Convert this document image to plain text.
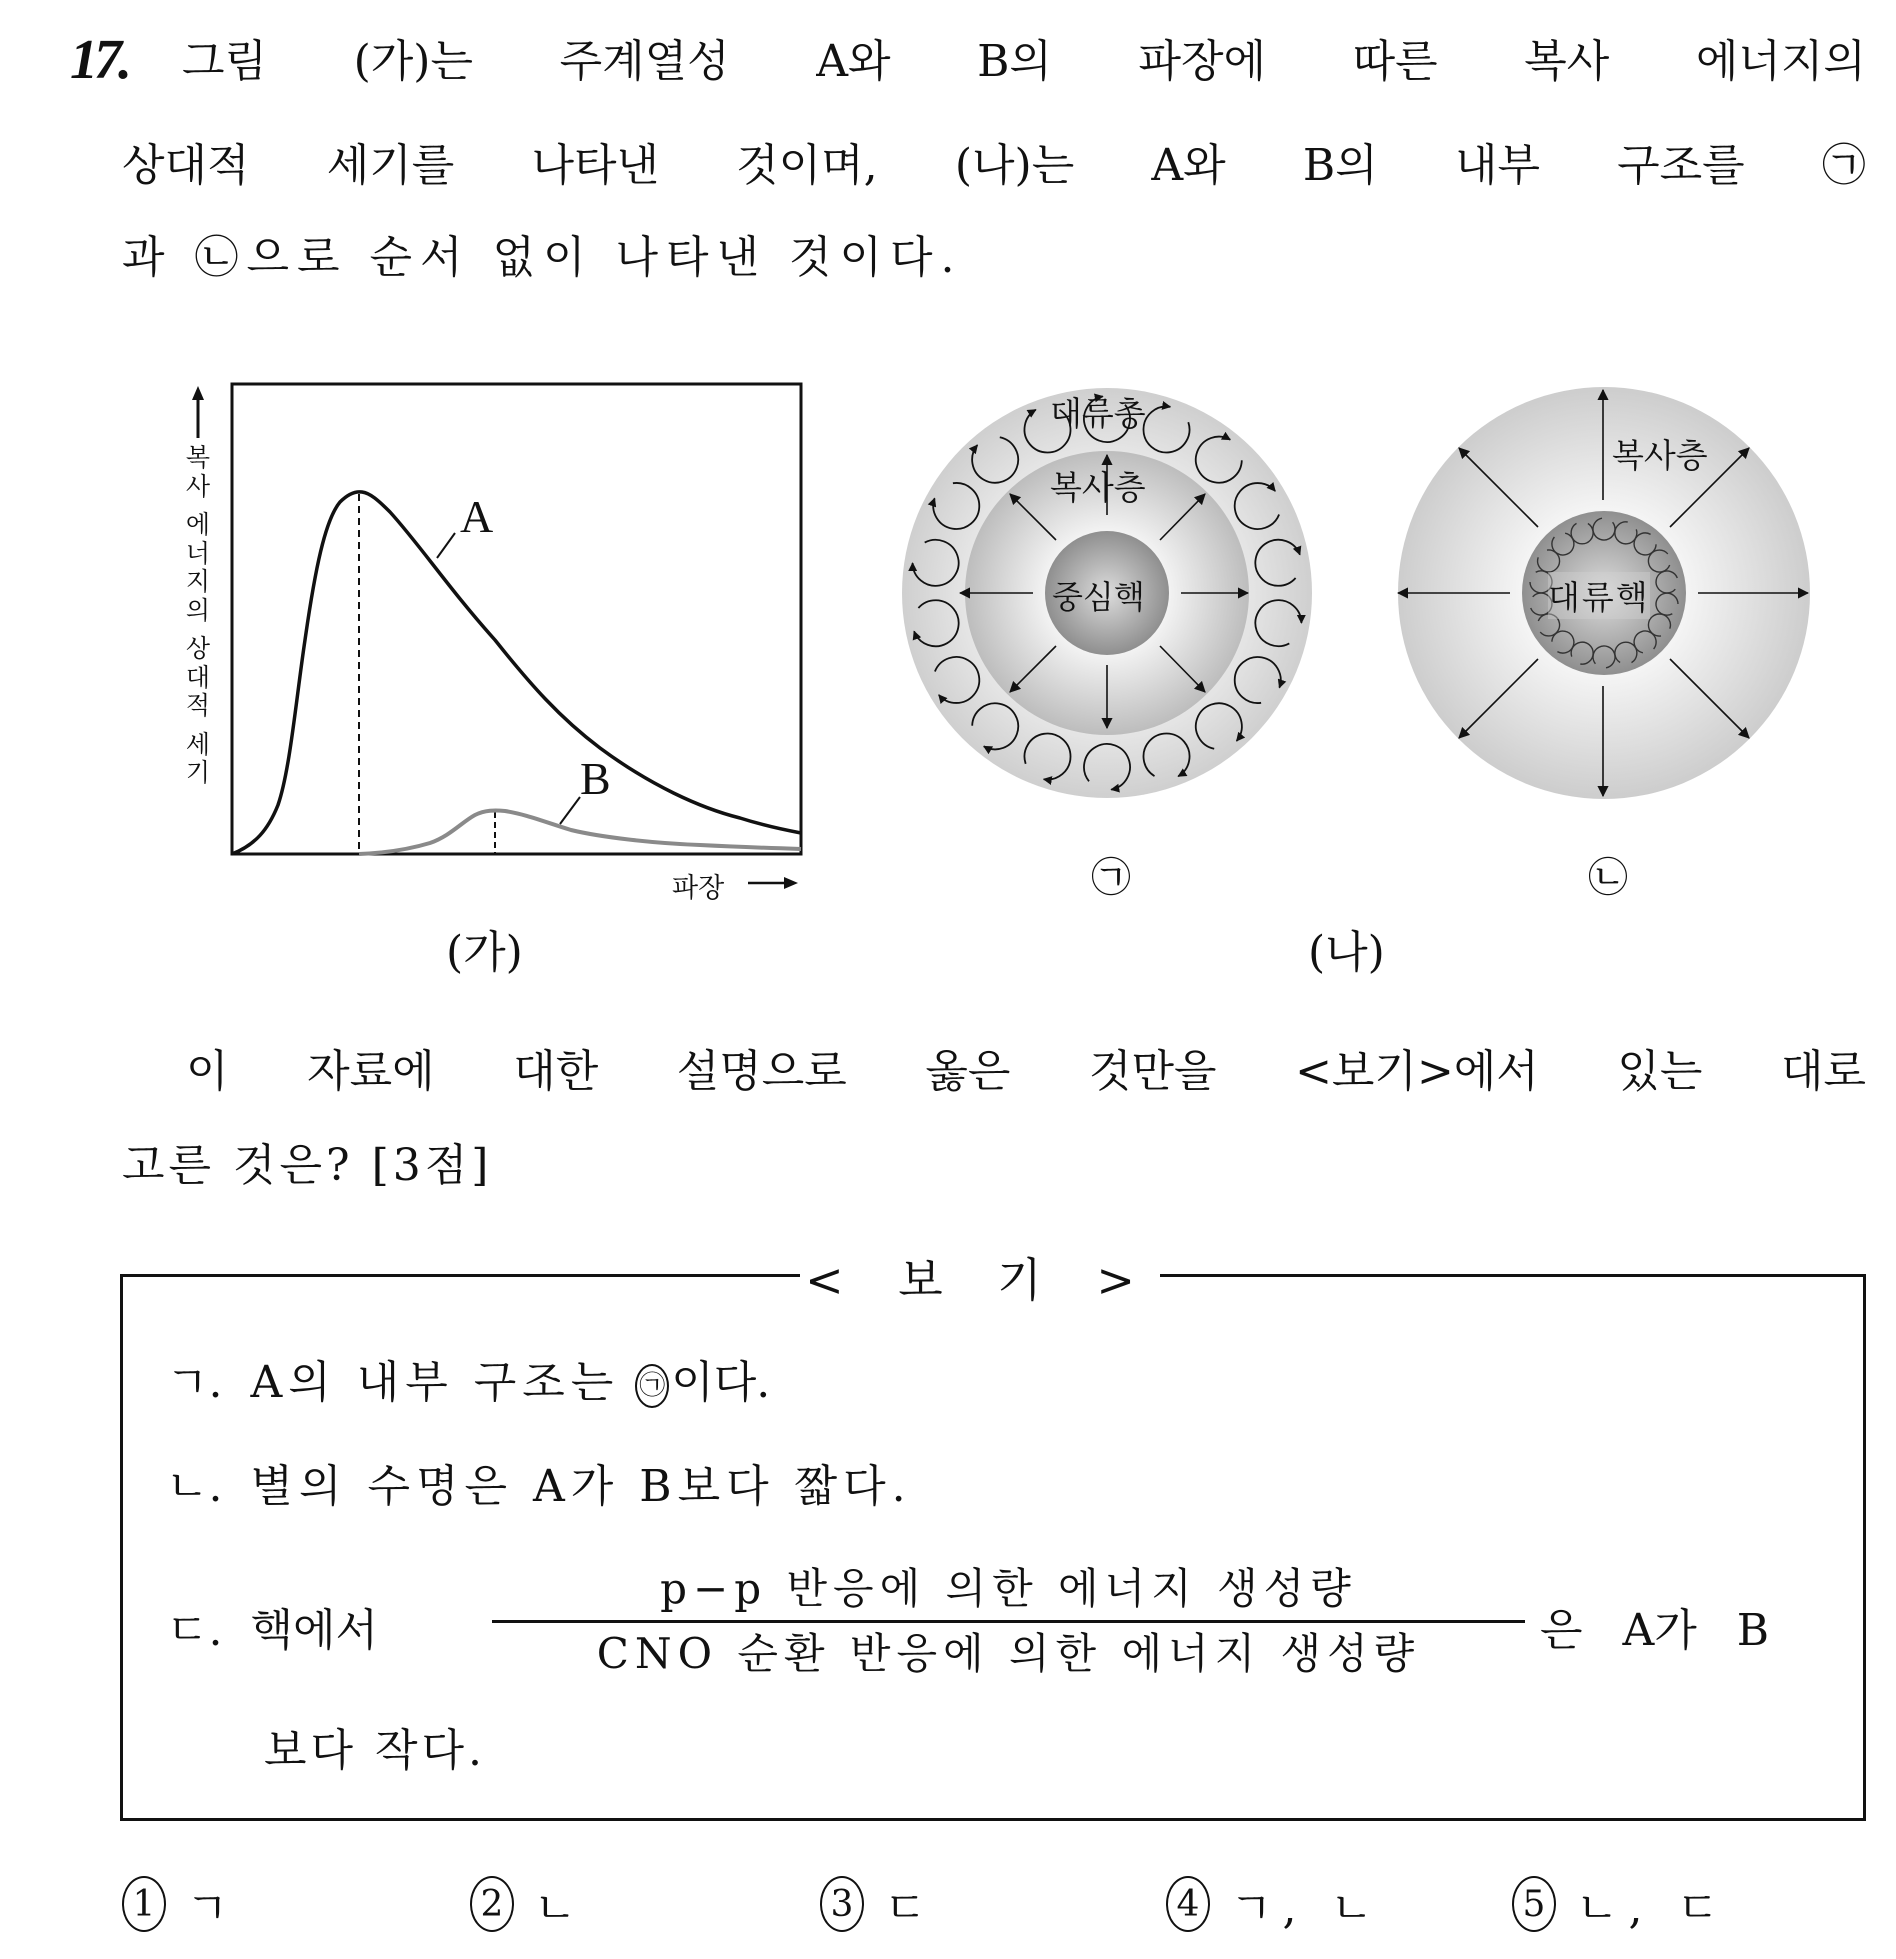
17. 그림 (가)는 주계열성 A와 B의 파장에 따른 복사 에너지의
상대적 세기를 나타낸 것이며, (나)는 A와 B의 내부 구조를 ㉠
과 ㉡으로 순서 없이 나타낸 것이다.
A
B
복
사
에
너
지
의
상
대
적
세
기
파장
(가)
대류층
복사층
중심핵
복사층
대류핵
㉠	㉡
(나)
이 자료에 대한 설명으로 옳은 것만을 <보기>에서 있는 대로
고른 것은? [3점]
< 보 기 >
ㄱ. A의 내부 구조는 ㉠ 이다.
ㄴ. 별의 수명은 A가 B보다 짧다.
ㄷ. 핵에서
p−p 반응에 의한 에너지 생성량
CNO 순환 반응에 의한 에너지 생성량	은 A가 B
보다 작다.
1 ㄱ	2 ㄴ	3 ㄷ	4 ㄱ, ㄴ	5 ㄴ, ㄷ
